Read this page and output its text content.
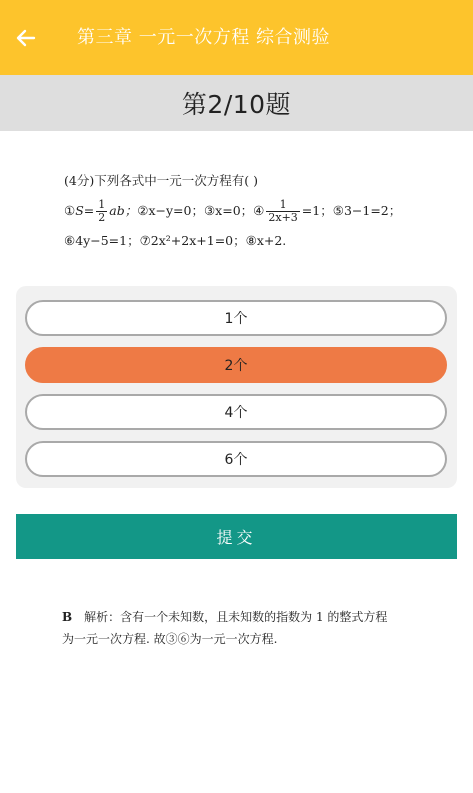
第三章 一元一次方程 综合测验
第2/10题
(4分) 下列各式中一元一次方程有( )
① $S = \frac{1}{2}$ ab； ②x−y=0； ③x=0； ④ $\frac{1}{2x+3} =1$； ⑤3−1=2；
⑥4y−5=1；⑦2x²+2x+1=0；⑧x+2.
1个
2个
4个
6个
提交
B 解析：含有一个未知数，且未知数的指数为 1 的整式方程
为一元一次方程. 故③⑥为一元一次方程.
